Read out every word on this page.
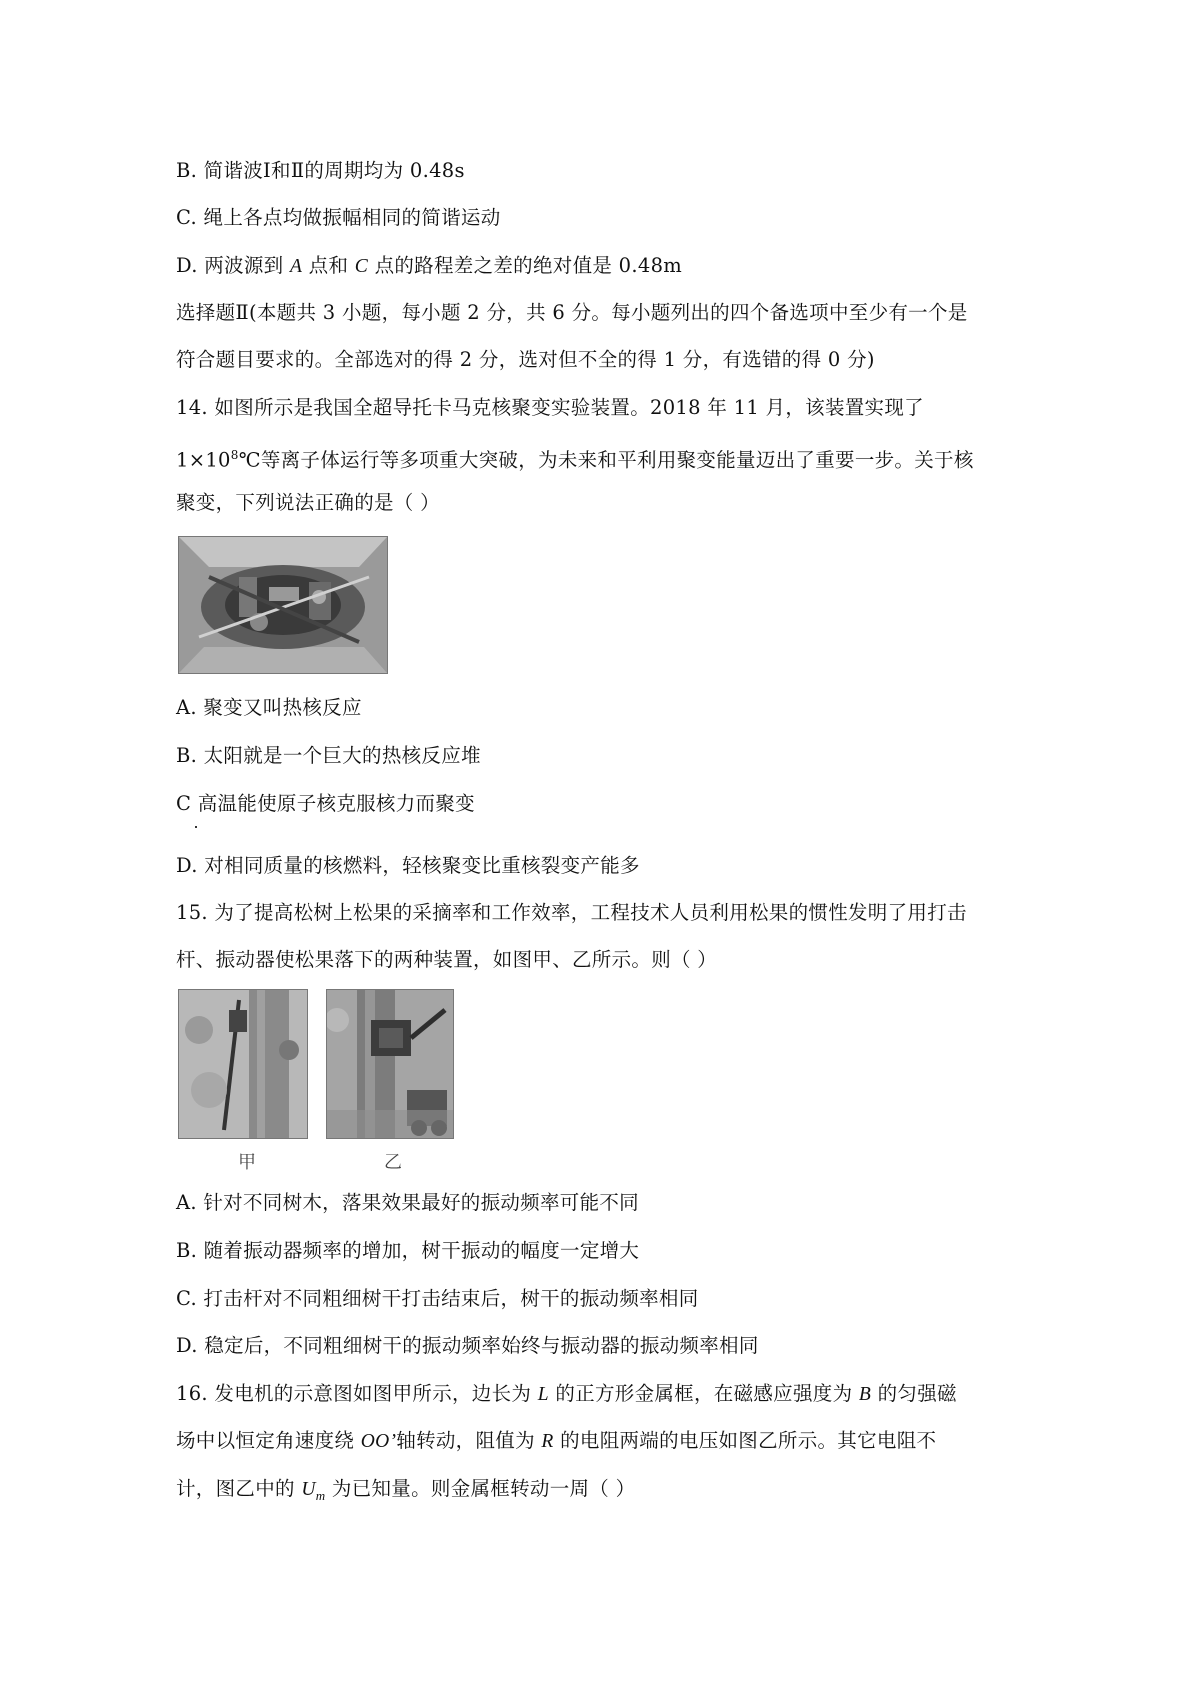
B. 简谐波Ⅰ和Ⅱ的周期均为 0.48s
C. 绳上各点均做振幅相同的简谐运动
D. 两波源到 A 点和 C 点的路程差之差的绝对值是 0.48m
选择题Ⅱ(本题共 3 小题，每小题 2 分，共 6 分。每小题列出的四个备选项中至少有一个是
符合题目要求的。全部选对的得 2 分，选对但不全的得 1 分，有选错的得 0 分)
14. 如图所示是我国全超导托卡马克核聚变实验装置。2018 年 11 月，该装置实现了
$1\times 10^8℃$等离子体运行等多项重大突破，为未来和平利用聚变能量迈出了重要一步。关于核
聚变，下列说法正确的是（ ）
A. 聚变又叫热核反应
B. 太阳就是一个巨大的热核反应堆
C 高温能使原子核克服核力而聚变
D. 对相同质量的核燃料，轻核聚变比重核裂变产能多
15. 为了提高松树上松果的采摘率和工作效率，工程技术人员利用松果的惯性发明了用打击
杆、振动器使松果落下的两种装置，如图甲、乙所示。则（ ）
甲	乙
A. 针对不同树木，落果效果最好的振动频率可能不同
B. 随着振动器频率的增加，树干振动的幅度一定增大
C. 打击杆对不同粗细树干打击结束后，树干的振动频率相同
D. 稳定后，不同粗细树干的振动频率始终与振动器的振动频率相同
16. 发电机的示意图如图甲所示，边长为 L 的正方形金属框，在磁感应强度为 B 的匀强磁
场中以恒定角速度绕 OO’轴转动，阻值为 R 的电阻两端的电压如图乙所示。其它电阻不
计，图乙中的 $U_m$ 为已知量。则金属框转动一周（ ）
